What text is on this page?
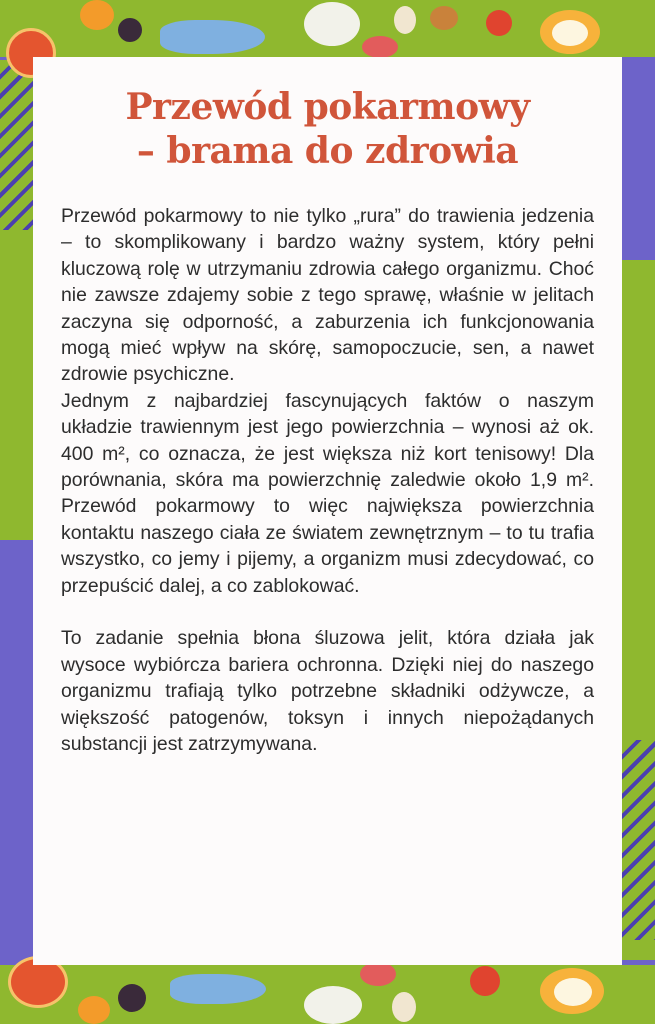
Przewód pokarmowy
– brama do zdrowia

Przewód pokarmowy to nie tylko „rura” do trawienia jedzenia – to skomplikowany i bardzo ważny system, który pełni kluczową rolę w utrzymaniu zdrowia całego organizmu. Choć nie zawsze zdajemy sobie z tego sprawę, właśnie w jelitach zaczyna się odporność, a zaburzenia ich funkcjonowania mogą mieć wpływ na skórę, samopoczucie, sen, a nawet zdrowie psychiczne.

Jednym z najbardziej fascynujących faktów o naszym układzie trawiennym jest jego powierzchnia – wynosi aż ok. 400 m², co oznacza, że jest większa niż kort tenisowy! Dla porównania, skóra ma powierzchnię zaledwie około 1,9 m². Przewód pokarmowy to więc największa powierzchnia kontaktu naszego ciała ze światem zewnętrznym – to tu trafia wszystko, co jemy i pijemy, a organizm musi zdecydować, co przepuścić dalej, a co zablokować.

To zadanie spełnia błona śluzowa jelit, która działa jak wysoce wybiórcza bariera ochronna. Dzięki niej do naszego organizmu trafiają tylko potrzebne składniki odżywcze, a większość patogenów, toksyn i innych niepożądanych substancji jest zatrzymywana.
